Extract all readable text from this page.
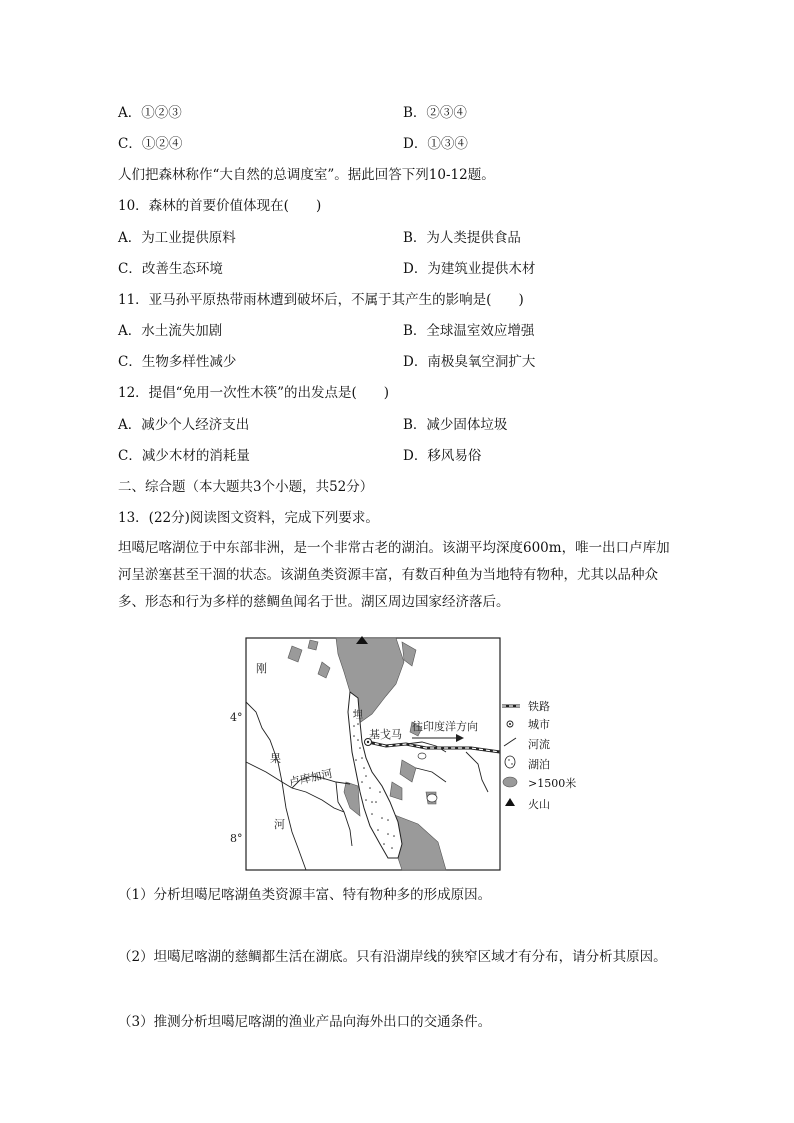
A．①②③	B．②③④
C．①②④	D．①③④
人们把森林称作“大自然的总调度室”。据此回答下列10-12题。
10．森林的首要价值体现在(　　)
A．为工业提供原料	B．为人类提供食品
C．改善生态环境	D．为建筑业提供木材
11．亚马孙平原热带雨林遭到破坏后，不属于其产生的影响是(　　)
A．水土流失加剧	B．全球温室效应增强
C．生物多样性减少	D．南极臭氧空洞扩大
12．提倡“免用一次性木筷”的出发点是(　　)
A．减少个人经济支出	B．减少固体垃圾
C．减少木材的消耗量	D．移风易俗
二、综合题（本大题共3个小题，共52分）
13．(22分)阅读图文资料，完成下列要求。
坦噶尼喀湖位于中东部非洲，是一个非常古老的湖泊。该湖平均深度600m，唯一出口卢库加河呈淤塞甚至干涸的状态。该湖鱼类资源丰富，有数百种鱼为当地特有物种，尤其以品种众多、形态和行为多样的慈鲷鱼闻名于世。湖区周边国家经济落后。
4°
8°
刚
果
河
卢库加河
基戈马
坦
往印度洋方向
铁路
城市
河流
湖泊
>1500米
火山
（1）分析坦噶尼喀湖鱼类资源丰富、特有物种多的形成原因。
（2）坦噶尼喀湖的慈鲷都生活在湖底。只有沿湖岸线的狭窄区域才有分布，请分析其原因。
（3）推测分析坦噶尼喀湖的渔业产品向海外出口的交通条件。
